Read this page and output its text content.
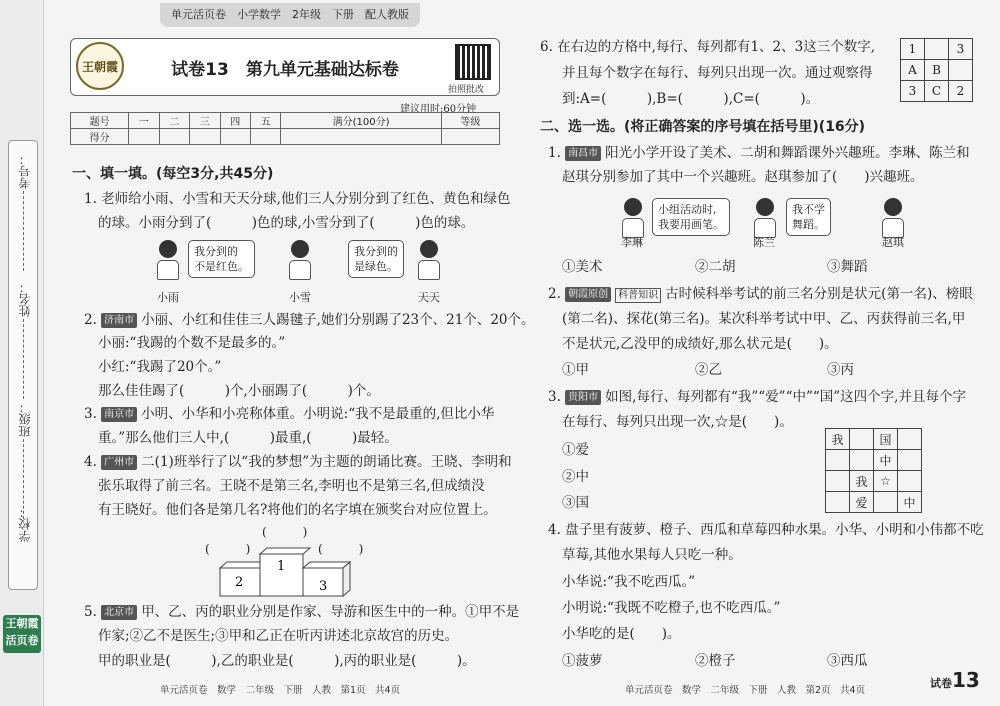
考号：
姓名：
班级：
学校：
王朝霞活页卷
单元活页卷　小学数学　2年级　下册　配人教版
王朝霞	试卷13　第九单元基础达标卷
拍照批改
建议用时:60分钟
题号	一	二	三	四	五	满分(100分)	等级
得分							
一、填一填。(每空3分,共45分)
1. 老师给小雨、小雪和天天分球,他们三人分别分到了红色、黄色和绿色
的球。小雨分到了(　　　)色的球,小雪分到了(　　　)色的球。
我分到的
不是红色。
我分到的
是绿色。
小雨	小雪	天天
2. 济南市 小丽、小红和佳佳三人踢毽子,她们分别踢了23个、21个、20个。
小丽:“我踢的个数不是最多的。”
小红:“我踢了20个。”
那么佳佳踢了(　　　)个,小丽踢了(　　　)个。
3. 南京市 小明、小华和小亮称体重。小明说:“我不是最重的,但比小华
重。”那么他们三人中,(　　　)最重,(　　　)最轻。
4. 广州市 二(1)班举行了以“我的梦想”为主题的朗诵比赛。王晓、李明和
张乐取得了前三名。王晓不是第三名,李明也不是第三名,但成绩没
有王晓好。他们各是第几名?将他们的名字填在颁奖台对应位置上。
(　　　)
(　　　)	(　　　)
2
1
3
5. 北京市 甲、乙、丙的职业分别是作家、导游和医生中的一种。①甲不是
作家;②乙不是医生;③甲和乙正在听丙讲述北京故宫的历史。
甲的职业是(　　　),乙的职业是(　　　),丙的职业是(　　　)。
单元活页卷　数学　二年级　下册　人教　第1页　共4页
6. 在右边的方格中,每行、每列都有1、2、3这三个数字,
并且每个数字在每行、每列只出现一次。通过观察得
到:A=(　　　),B=(　　　),C=(　　　)。
1		3
A	B	
3	C	2
二、选一选。(将正确答案的序号填在括号里)(16分)
1. 南昌市 阳光小学开设了美术、二胡和舞蹈课外兴趣班。李琳、陈兰和
赵琪分别参加了其中一个兴趣班。赵琪参加了(　　)兴趣班。
小组活动时,
我要用画笔。
我不学
舞蹈。
李琳	陈兰	赵琪
①美术	②二胡	③舞蹈
2. 朝霞原创 科普知识 古时候科举考试的前三名分别是状元(第一名)、榜眼
(第二名)、探花(第三名)。某次科举考试中甲、乙、丙获得前三名,甲
不是状元,乙没甲的成绩好,那么状元是(　　)。
①甲	②乙	③丙
3. 贵阳市 如图,每行、每列都有“我”“爱”“中”“国”这四个字,并且每个字
在每行、每列只出现一次,☆是(　　)。
①爱
②中
③国
我		国	
		中	
	我	☆	
	爱		中
4. 盘子里有菠萝、橙子、西瓜和草莓四种水果。小华、小明和小伟都不吃
草莓,其他水果每人只吃一种。
小华说:“我不吃西瓜。”
小明说:“我既不吃橙子,也不吃西瓜。”
小华吃的是(　　)。
①菠萝	②橙子	③西瓜
单元活页卷　数学　二年级　下册　人教　第2页　共4页
试卷13
